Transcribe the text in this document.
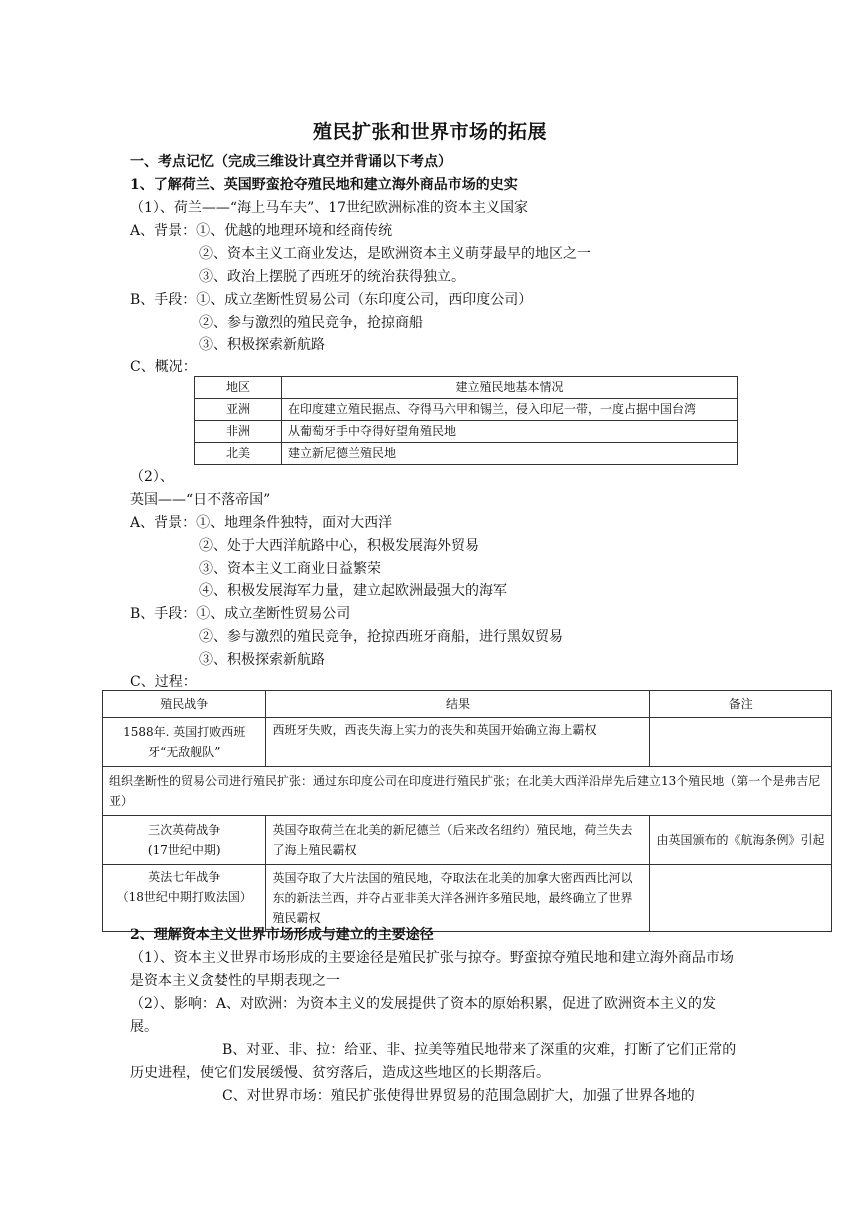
殖民扩张和世界市场的拓展
一、考点记忆（完成三维设计真空并背诵以下考点）
1、了解荷兰、英国野蛮抢夺殖民地和建立海外商品市场的史实
（1）、荷兰——“海上马车夫”、17世纪欧洲标准的资本主义国家
A、背景：①、优越的地理环境和经商传统
②、资本主义工商业发达，是欧洲资本主义萌芽最早的地区之一
③、政治上摆脱了西班牙的统治获得独立。
B、手段：①、成立垄断性贸易公司（东印度公司，西印度公司）
②、参与激烈的殖民竞争，抢掠商船
③、积极探索新航路
C、概况：
地区	建立殖民地基本情况
亚洲	在印度建立殖民据点、夺得马六甲和锡兰，侵入印尼一带，一度占据中国台湾
非洲	从葡萄牙手中夺得好望角殖民地
北美	建立新尼德兰殖民地
（2）、
英国——“日不落帝国”
A、背景：①、地理条件独特，面对大西洋
②、处于大西洋航路中心，积极发展海外贸易
③、资本主义工商业日益繁荣
④、积极发展海军力量，建立起欧洲最强大的海军
B、手段：①、成立垄断性贸易公司
②、参与激烈的殖民竞争，抢掠西班牙商船，进行黑奴贸易
③、积极探索新航路
C、过程：
殖民战争	结果	备注
1588年. 英国打败西班牙“无敌舰队”	西班牙失败，西丧失海上实力的丧失和英国开始确立海上霸权	
组织垄断性的贸易公司进行殖民扩张：通过东印度公司在印度进行殖民扩张；在北美大西洋沿岸先后建立13个殖民地（第一个是弗吉尼亚）		
三次英荷战争
(17世纪中期)	英国夺取荷兰在北美的新尼德兰（后来改名纽约）殖民地，荷兰失去了海上殖民霸权	由英国颁布的《航海条例》引起
英法七年战争
（18世纪中期打败法国）	英国夺取了大片法国的殖民地，夺取法在北美的加拿大密西西比河以东的新法兰西，并夺占亚非美大洋各洲许多殖民地，最终确立了世界殖民霸权	
2、理解资本主义世界市场形成与建立的主要途径
（1）、资本主义世界市场形成的主要途径是殖民扩张与掠夺。野蛮掠夺殖民地和建立海外商品市场是资本主义贪婪性的早期表现之一
（2）、影响：A、对欧洲：为资本主义的发展提供了资本的原始积累，促进了欧洲资本主义的发展。
B、对亚、非、拉：给亚、非、拉美等殖民地带来了深重的灾难，打断了它们正常的历史进程，使它们发展缓慢、贫穷落后，造成这些地区的长期落后。
C、对世界市场：殖民扩张使得世界贸易的范围急剧扩大，加强了世界各地的
